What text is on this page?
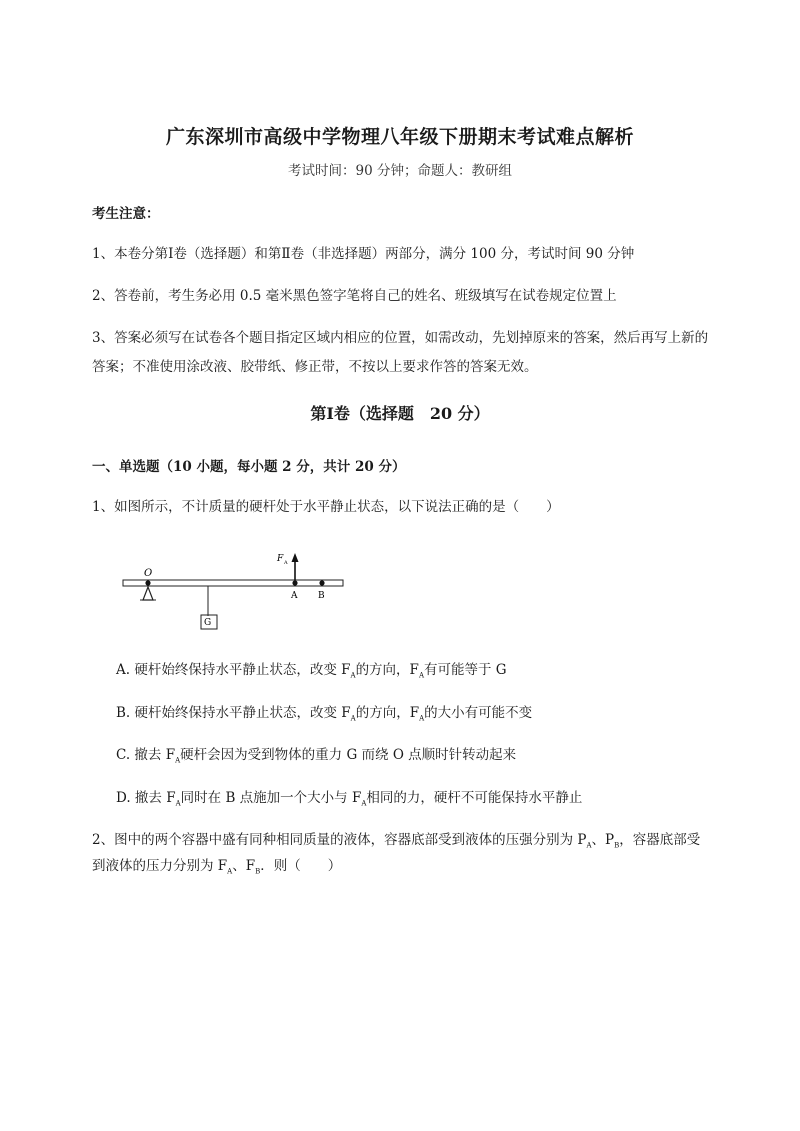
广东深圳市高级中学物理八年级下册期末考试难点解析
考试时间：90 分钟；命题人：教研组
考生注意：
1、本卷分第Ⅰ卷（选择题）和第Ⅱ卷（非选择题）两部分，满分 100 分，考试时间 90 分钟
2、答卷前，考生务必用 0.5 毫米黑色签字笔将自己的姓名、班级填写在试卷规定位置上
3、答案必须写在试卷各个题目指定区域内相应的位置，如需改动，先划掉原来的答案，然后再写上新的答案；不准使用涂改液、胶带纸、修正带，不按以上要求作答的答案无效。
第Ⅰ卷（选择题　20 分）
一、单选题（10 小题，每小题 2 分，共计 20 分）
1、如图所示，不计质量的硬杆处于水平静止状态，以下说法正确的是（　　）
O
G
A B
F A
A. 硬杆始终保持水平静止状态，改变 $F_A$的方向，$F_A$有可能等于 G
B. 硬杆始终保持水平静止状态，改变 $F_A$的方向，$F_A$的大小有可能不变
C. 撤去 $F_A$硬杆会因为受到物体的重力 G 而绕 O 点顺时针转动起来
D. 撤去 $F_A$同时在 B 点施加一个大小与 $F_A$相同的力，硬杆不可能保持水平静止
2、图中的两个容器中盛有同种相同质量的液体，容器底部受到液体的压强分别为 $P_A$、$P_B$，容器底部受
到液体的压力分别为 $F_A$、$F_B$．则（　　）
